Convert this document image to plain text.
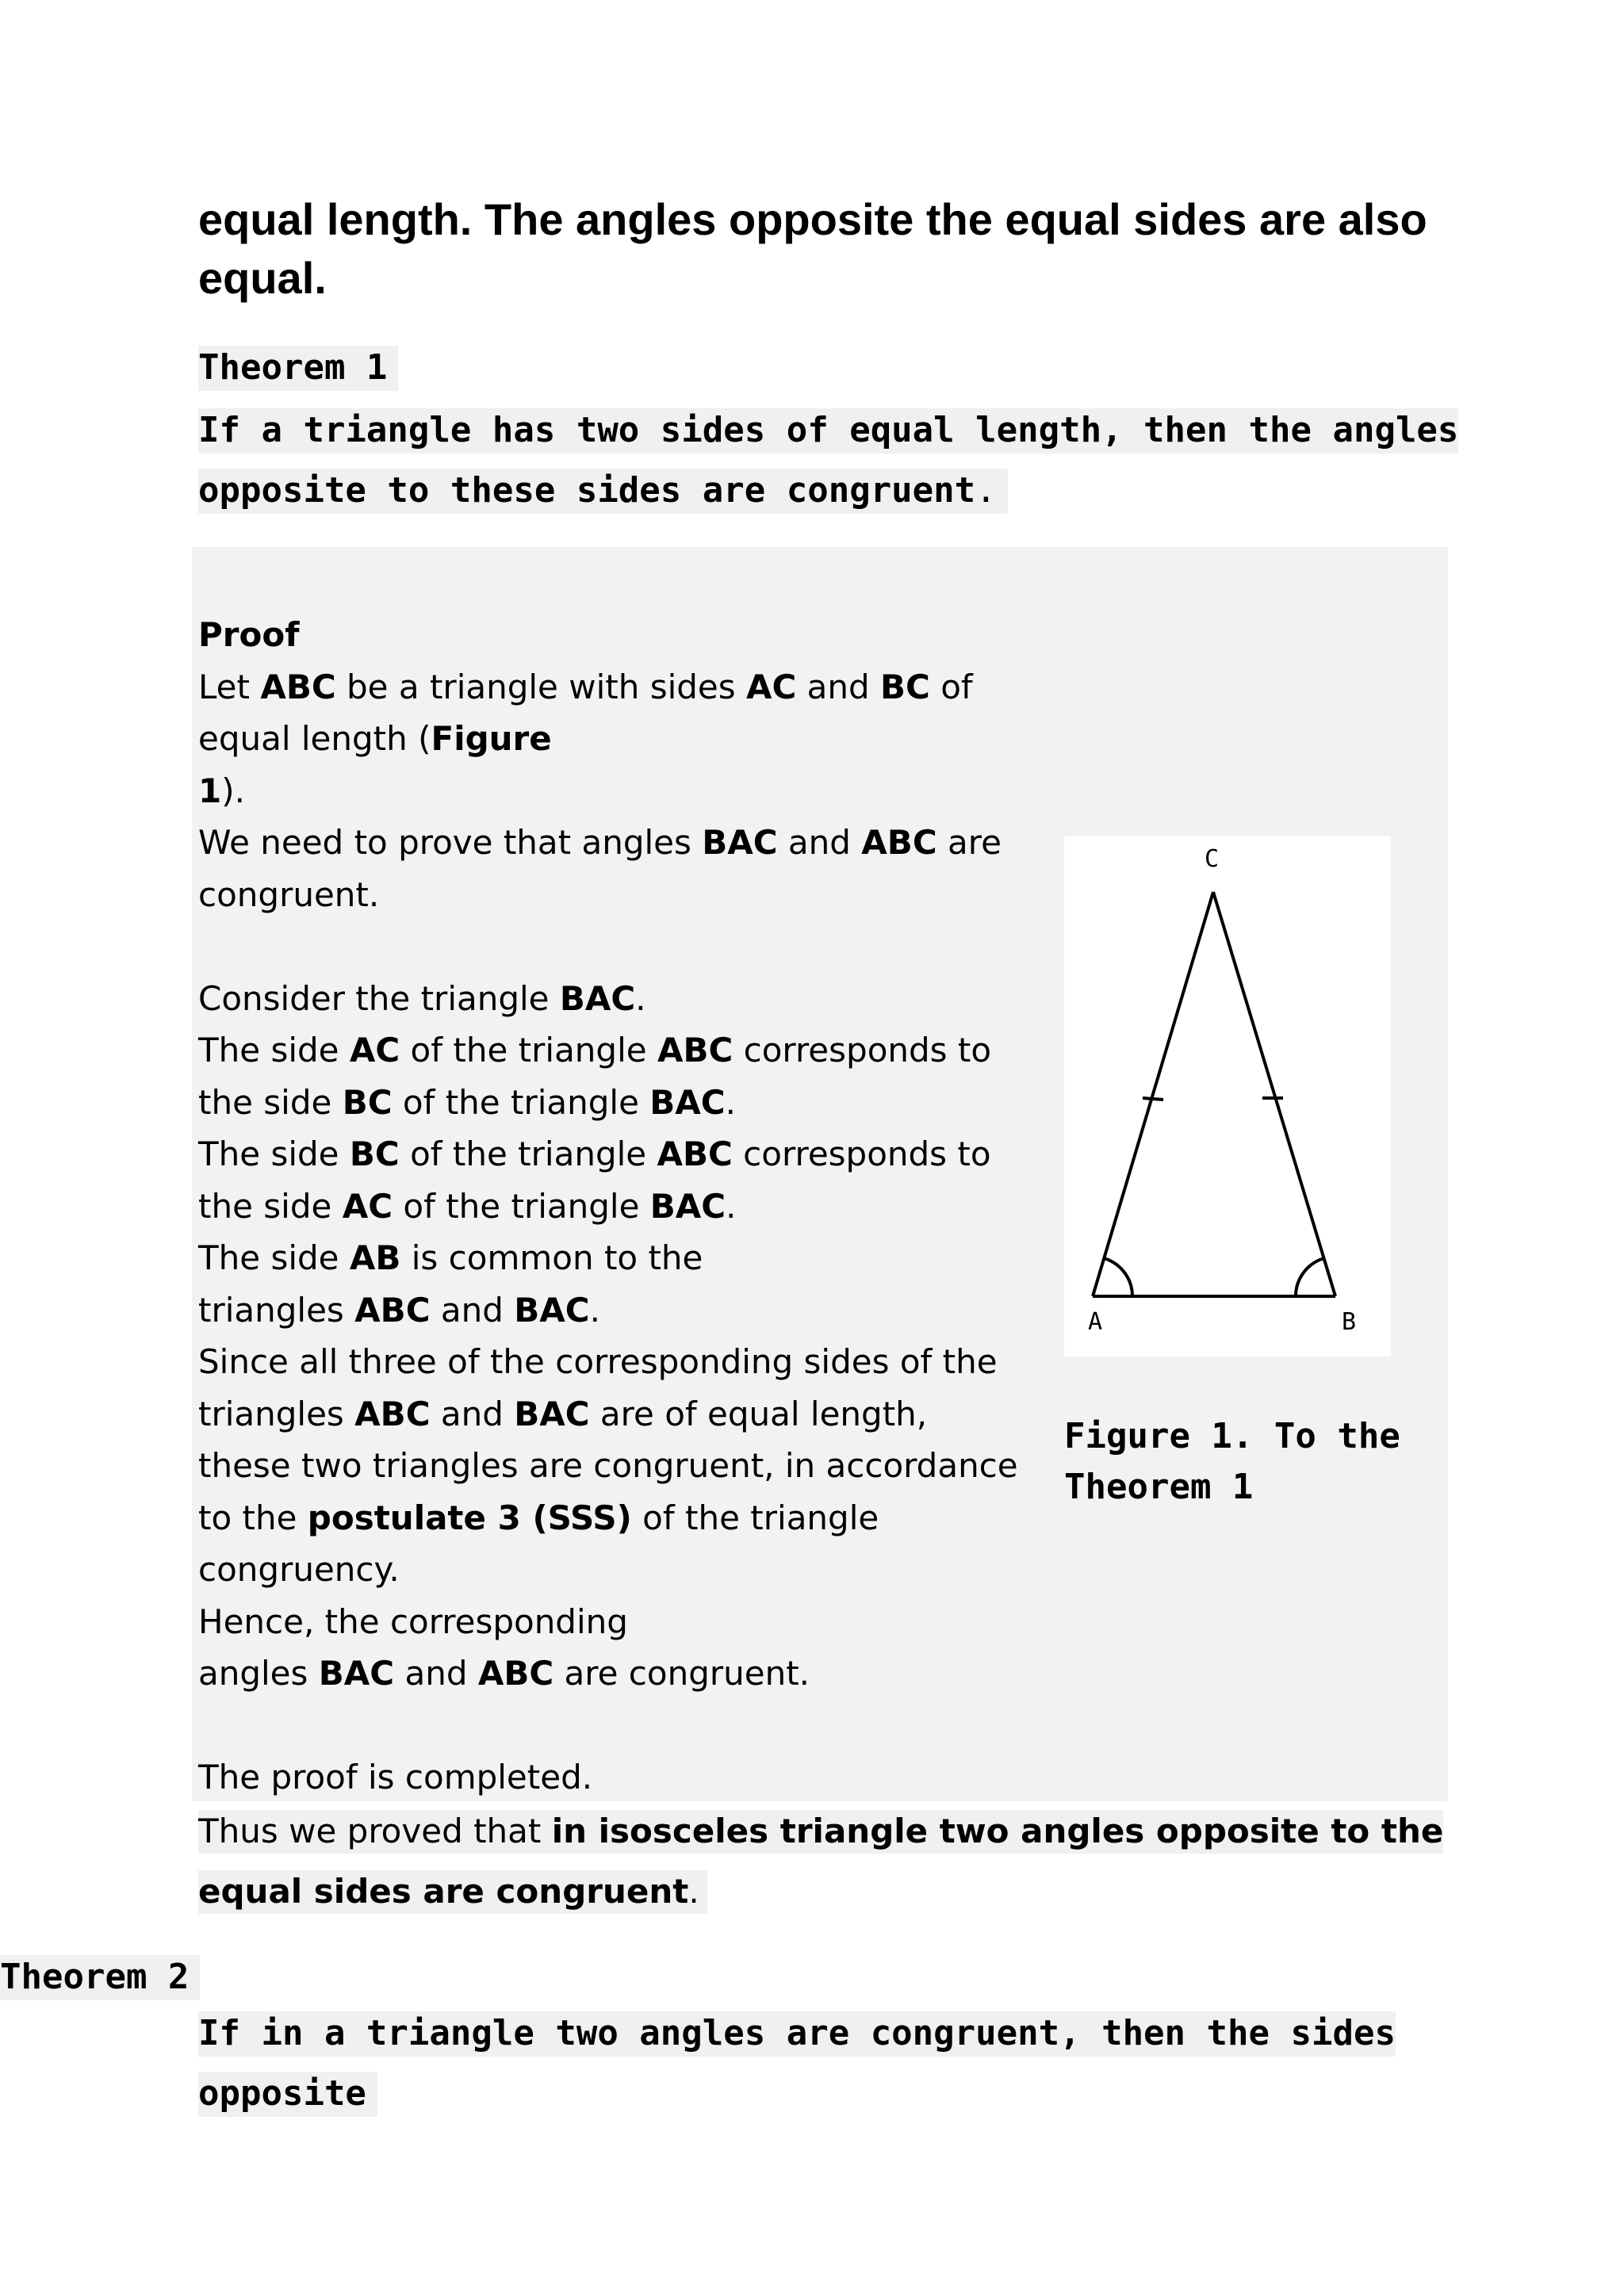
equal length. The angles opposite the equal sides are also equal.

Theorem 1

If a triangle has two sides of equal length, then the angles opposite to these sides are congruent.

Proof
Let ABC be a triangle with sides AC and BC of
equal length (Figure
1).
We need to prove that angles BAC and ABC are
congruent.

Consider the triangle BAC.
The side AC of the triangle ABC corresponds to
the side BC of the triangle BAC.
The side BC of the triangle ABC corresponds to
the side AC of the triangle BAC.
The side AB is common to the
triangles ABC and BAC.
Since all three of the corresponding sides of the
triangles ABC and BAC are of equal length,
these two triangles are congruent, in accordance
to the postulate 3 (SSS) of the triangle
congruency.
Hence, the corresponding
angles BAC and ABC are congruent.

The proof is completed.
C
A	B

Figure 1. To the Theorem 1

Thus we proved that in isosceles triangle two angles opposite to the equal sides are congruent.

Theorem 2

If in a triangle two angles are congruent, then the sides opposite
